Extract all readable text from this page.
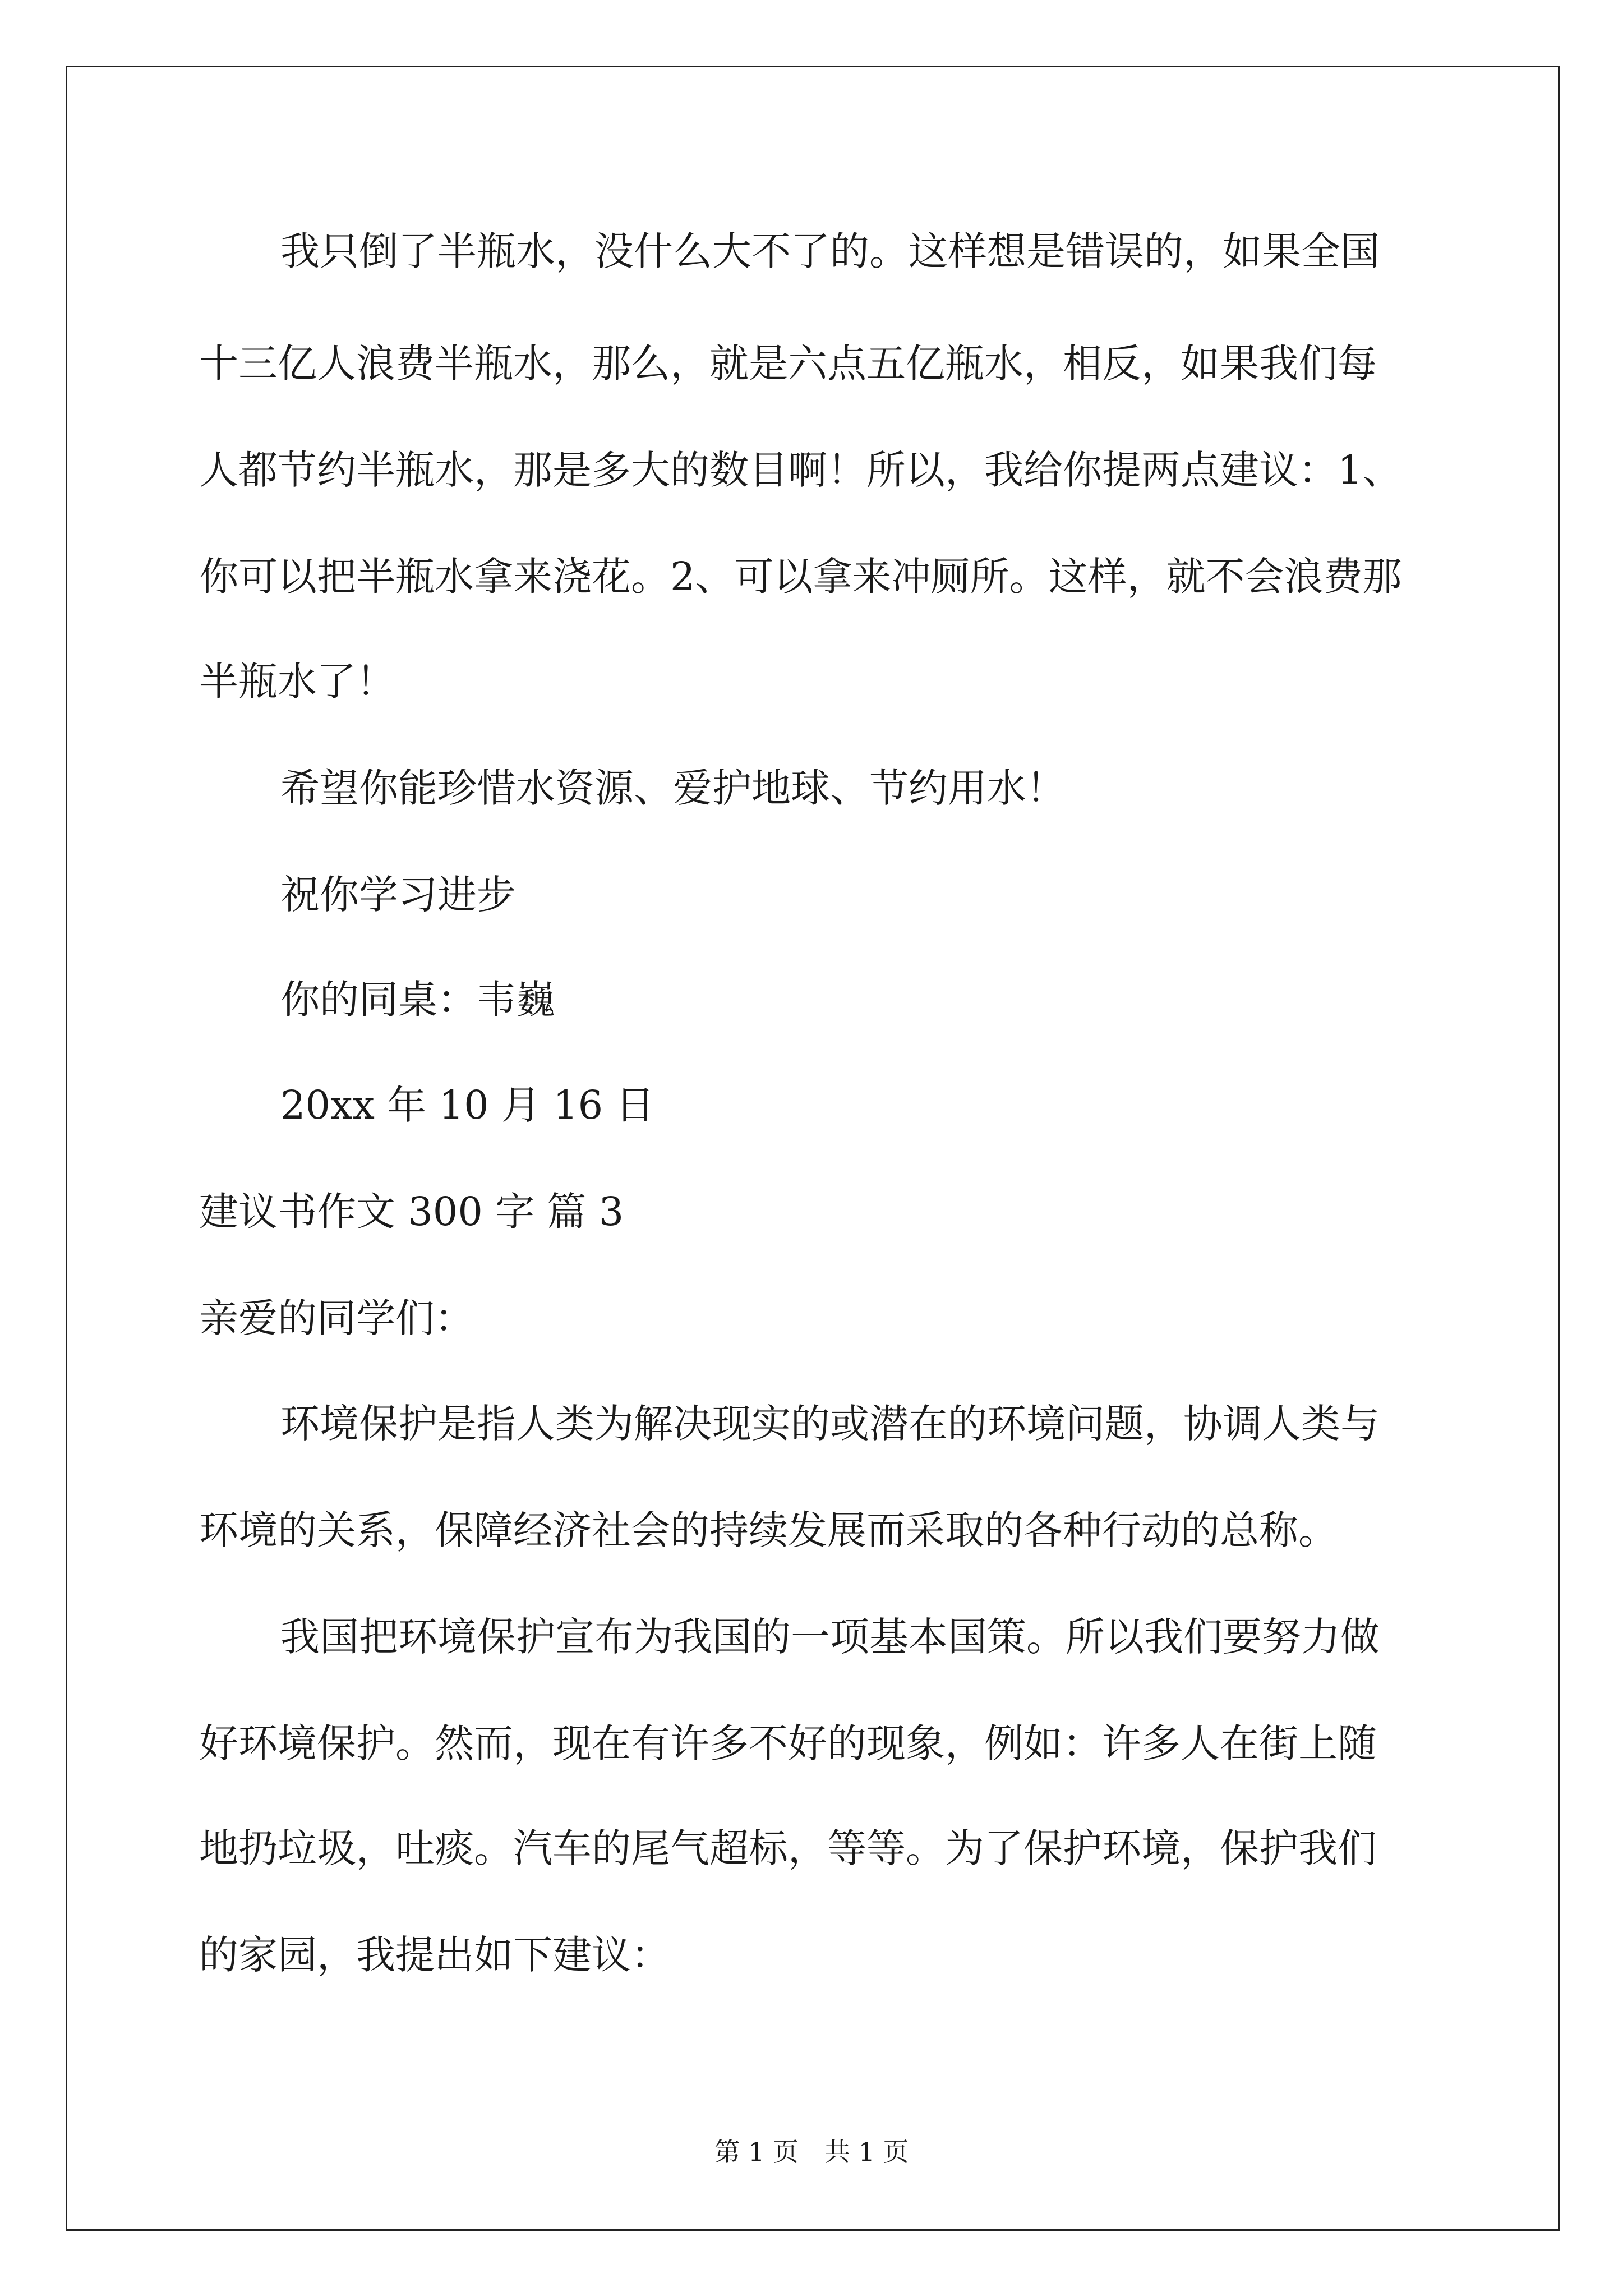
我只倒了半瓶水，没什么大不了的。这样想是错误的，如果全国
十三亿人浪费半瓶水，那么，就是六点五亿瓶水，相反，如果我们每
人都节约半瓶水，那是多大的数目啊！所以，我给你提两点建议：1、
你可以把半瓶水拿来浇花。2、可以拿来冲厕所。这样，就不会浪费那
半瓶水了！
希望你能珍惜水资源、爱护地球、节约用水！
祝你学习进步
你的同桌：韦巍
20xx 年 10 月 16 日
建议书作文 300 字 篇 3
亲爱的同学们：
环境保护是指人类为解决现实的或潜在的环境问题，协调人类与
环境的关系，保障经济社会的持续发展而采取的各种行动的总称。
我国把环境保护宣布为我国的一项基本国策。所以我们要努力做
好环境保护。然而，现在有许多不好的现象，例如：许多人在街上随
地扔垃圾，吐痰。汽车的尾气超标，等等。为了保护环境，保护我们
的家园，我提出如下建议：
第 1 页　共 1 页
